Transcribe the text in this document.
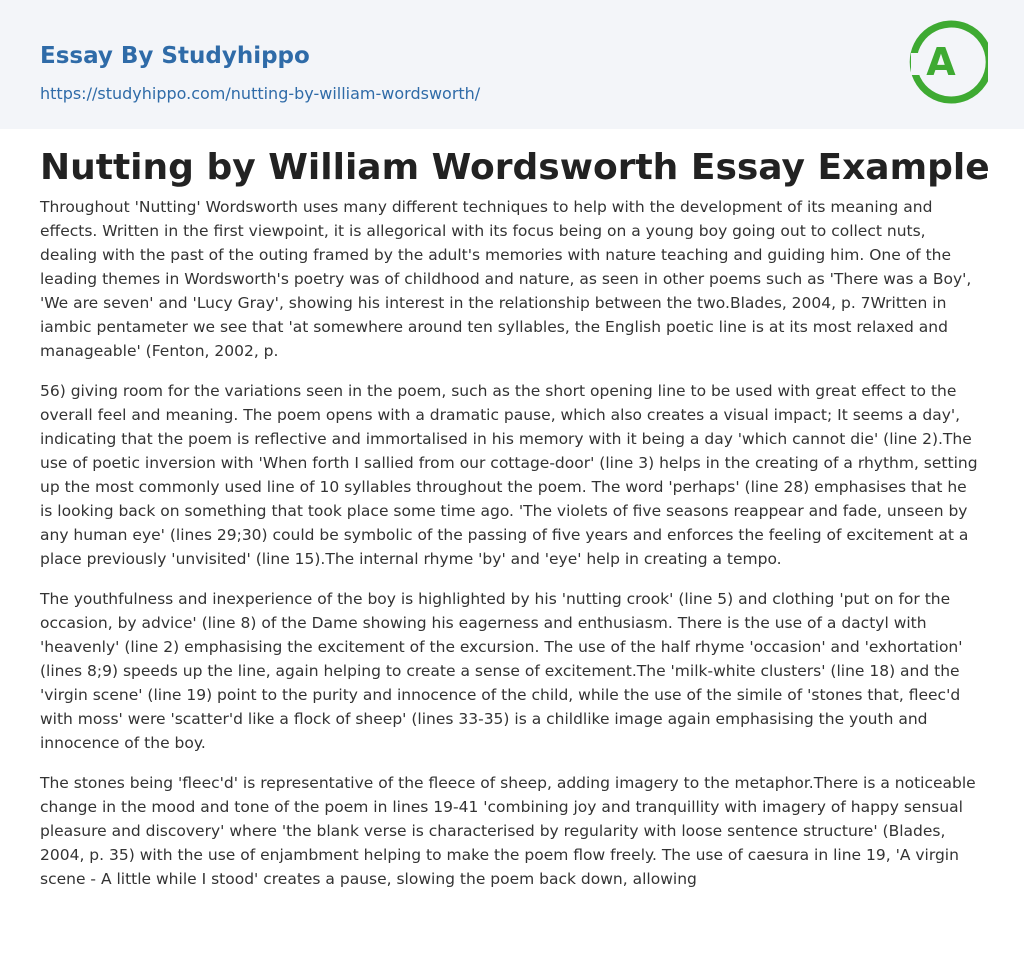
Essay By Studyhippo
https://studyhippo.com/nutting-by-william-wordsworth/
A
Nutting by William Wordsworth Essay Example

Throughout 'Nutting' Wordsworth uses many different techniques to help with the development of its meaning and effects. Written in the first viewpoint, it is allegorical with its focus being on a young boy going out to collect nuts, dealing with the past of the outing framed by the adult's memories with nature teaching and guiding him. One of the leading themes in Wordsworth's poetry was of childhood and nature, as seen in other poems such as 'There was a Boy', 'We are seven' and 'Lucy Gray', showing his interest in the relationship between the two.Blades, 2004, p. 7Written in iambic pentameter we see that 'at somewhere around ten syllables, the English poetic line is at its most relaxed and manageable' (Fenton, 2002, p.

56) giving room for the variations seen in the poem, such as the short opening line to be used with great effect to the overall feel and meaning. The poem opens with a dramatic pause, which also creates a visual impact; It seems a day', indicating that the poem is reflective and immortalised in his memory with it being a day 'which cannot die' (line 2).The use of poetic inversion with 'When forth I sallied from our cottage-door' (line 3) helps in the creating of a rhythm, setting up the most commonly used line of 10 syllables throughout the poem. The word 'perhaps' (line 28) emphasises that he is looking back on something that took place some time ago. 'The violets of five seasons reappear and fade, unseen by any human eye' (lines 29;30) could be symbolic of the passing of five years and enforces the feeling of excitement at a place previously 'unvisited' (line 15).The internal rhyme 'by' and 'eye' help in creating a tempo.

The youthfulness and inexperience of the boy is highlighted by his 'nutting crook' (line 5) and clothing 'put on for the occasion, by advice' (line 8) of the Dame showing his eagerness and enthusiasm. There is the use of a dactyl with 'heavenly' (line 2) emphasising the excitement of the excursion. The use of the half rhyme 'occasion' and 'exhortation' (lines 8;9) speeds up the line, again helping to create a sense of excitement.The 'milk-white clusters' (line 18) and the 'virgin scene' (line 19) point to the purity and innocence of the child, while the use of the simile of 'stones that, fleec'd with moss' were 'scatter'd like a flock of sheep' (lines 33-35) is a childlike image again emphasising the youth and innocence of the boy.

The stones being 'fleec'd' is representative of the fleece of sheep, adding imagery to the metaphor.There is a noticeable change in the mood and tone of the poem in lines 19-41 'combining joy and tranquillity with imagery of happy sensual pleasure and discovery' where 'the blank verse is characterised by regularity with loose sentence structure' (Blades, 2004, p. 35) with the use of enjambment helping to make the poem flow freely. The use of caesura in line 19, 'A virgin scene - A little while I stood' creates a pause, slowing the poem back down, allowing
